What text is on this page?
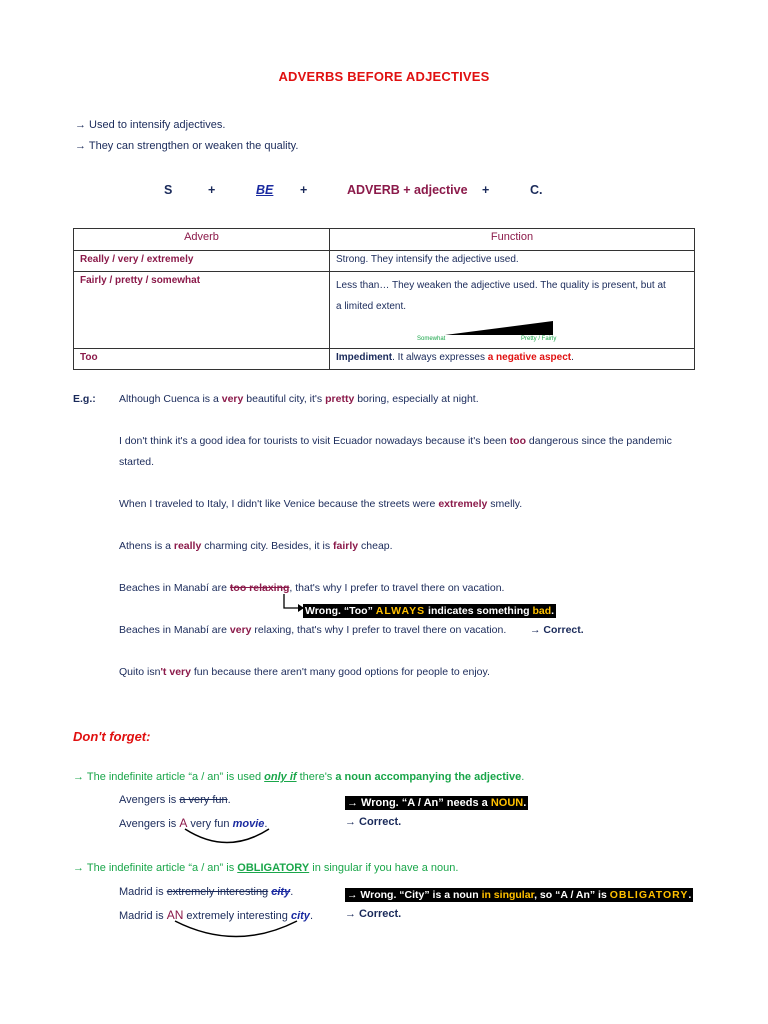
ADVERBS BEFORE ADJECTIVES
→ Used to intensify adjectives.
→ They can strengthen or weaken the quality.
S	+	BE +	ADVERB + adjective +	C.
Adverb	Function
Really / very / extremely	Strong. They intensify the adjective used.
Fairly / pretty / somewhat	Less than… They weaken the adjective used. The quality is present, but at
a limited extent.
Somewhat Pretty / Fairly

Too	Impediment. It always expresses a negative aspect.
E.g.: Although Cuenca is a very beautiful city, it's pretty boring, especially at night.
I don't think it's a good idea for tourists to visit Ecuador nowadays because it's been too dangerous since the pandemic
started.
When I traveled to Italy, I didn't like Venice because the streets were extremely smelly.
Athens is a really charming city. Besides, it is fairly cheap.
Beaches in Manabí are too relaxing, that's why I prefer to travel there on vacation.
Wrong. “Too” ALWAYS indicates something bad.
Beaches in Manabí are very relaxing, that's why I prefer to travel there on vacation. → Correct.
Quito isn't very fun because there aren't many good options for people to enjoy.
Don't forget:
→ The indefinite article “a / an” is used only if there's a noun accompanying the adjective.
Avengers is a very fun.	→ Wrong. “A / An” needs a NOUN.
Avengers is A very fun movie.	→ Correct.
→ The indefinite article “a / an” is OBLIGATORY in singular if you have a noun.
Madrid is extremely interesting city.	→ Wrong. “City” is a noun in singular, so “A / An” is OBLIGATORY.
Madrid is AN extremely interesting city.	→ Correct.
